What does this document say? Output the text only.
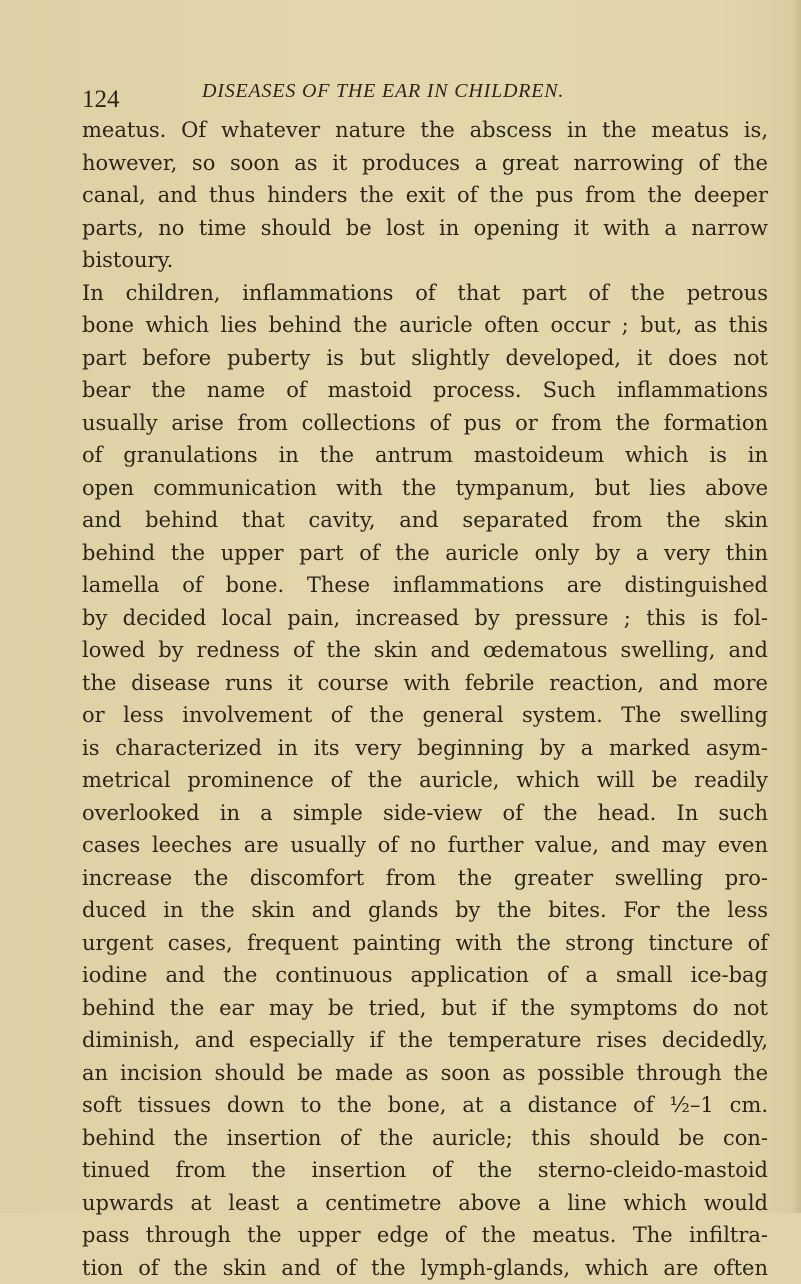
124	DISEASES OF THE EAR IN CHILDREN.
meatus. Of whatever nature the abscess in the meatus is,
however, so soon as it produces a great narrowing of the
canal, and thus hinders the exit of the pus from the deeper
parts, no time should be lost in opening it with a narrow
bistoury.
In children, inflammations of that part of the petrous
bone which lies behind the auricle often occur ; but, as this
part before puberty is but slightly developed, it does not
bear the name of mastoid process. Such inflammations
usually arise from collections of pus or from the formation
of granulations in the antrum mastoideum which is in
open communication with the tympanum, but lies above
and behind that cavity, and separated from the skin
behind the upper part of the auricle only by a very thin
lamella of bone. These inflammations are distinguished
by decided local pain, increased by pressure ; this is fol-
lowed by redness of the skin and œdematous swelling, and
the disease runs it course with febrile reaction, and more
or less involvement of the general system. The swelling
is characterized in its very beginning by a marked asym-
metrical prominence of the auricle, which will be readily
overlooked in a simple side-view of the head. In such
cases leeches are usually of no further value, and may even
increase the discomfort from the greater swelling pro-
duced in the skin and glands by the bites. For the less
urgent cases, frequent painting with the strong tincture of
iodine and the continuous application of a small ice-bag
behind the ear may be tried, but if the symptoms do not
diminish, and especially if the temperature rises decidedly,
an incision should be made as soon as possible through the
soft tissues down to the bone, at a distance of ½–1 cm.
behind the insertion of the auricle; this should be con-
tinued from the insertion of the sterno-cleido-mastoid
upwards at least a centimetre above a line which would
pass through the upper edge of the meatus. The infiltra-
tion of the skin and of the lymph-glands, which are often
